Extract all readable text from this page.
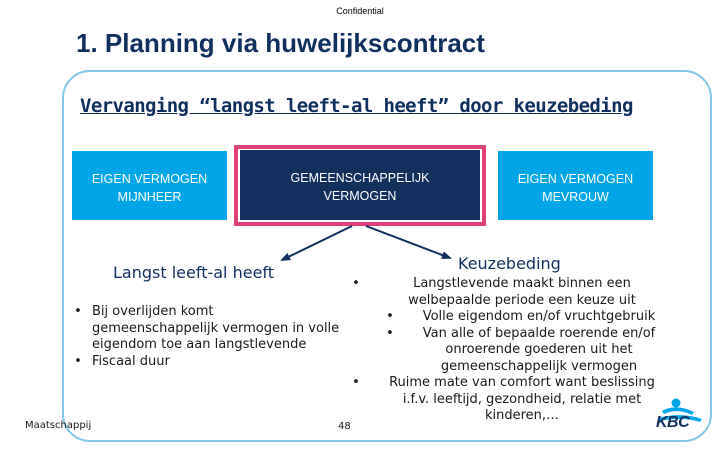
Confidential
1. Planning via huwelijkscontract
Vervanging “langst leeft-al heeft” door keuzebeding
EIGEN VERMOGEN
MIJNHEER
GEMEENSCHAPPELIJK
VERMOGEN
EIGEN VERMOGEN
MEVROUW
Langst leeft-al heeft
• Bij overlijden komt gemeenschappelijk vermogen in volle eigendom toe aan langstlevende
• Fiscaal duur
Keuzebeding
•	Langstlevende maakt binnen een welbepaalde periode een keuze uit
•	Volle eigendom en/of vruchtgebruik
•	Van alle of bepaalde roerende en/of onroerende goederen uit het gemeenschappelijk vermogen
•	Ruime mate van comfort want beslissing i.f.v. leeftijd, gezondheid, relatie met kinderen,…
Maatschappij	48	KBC
